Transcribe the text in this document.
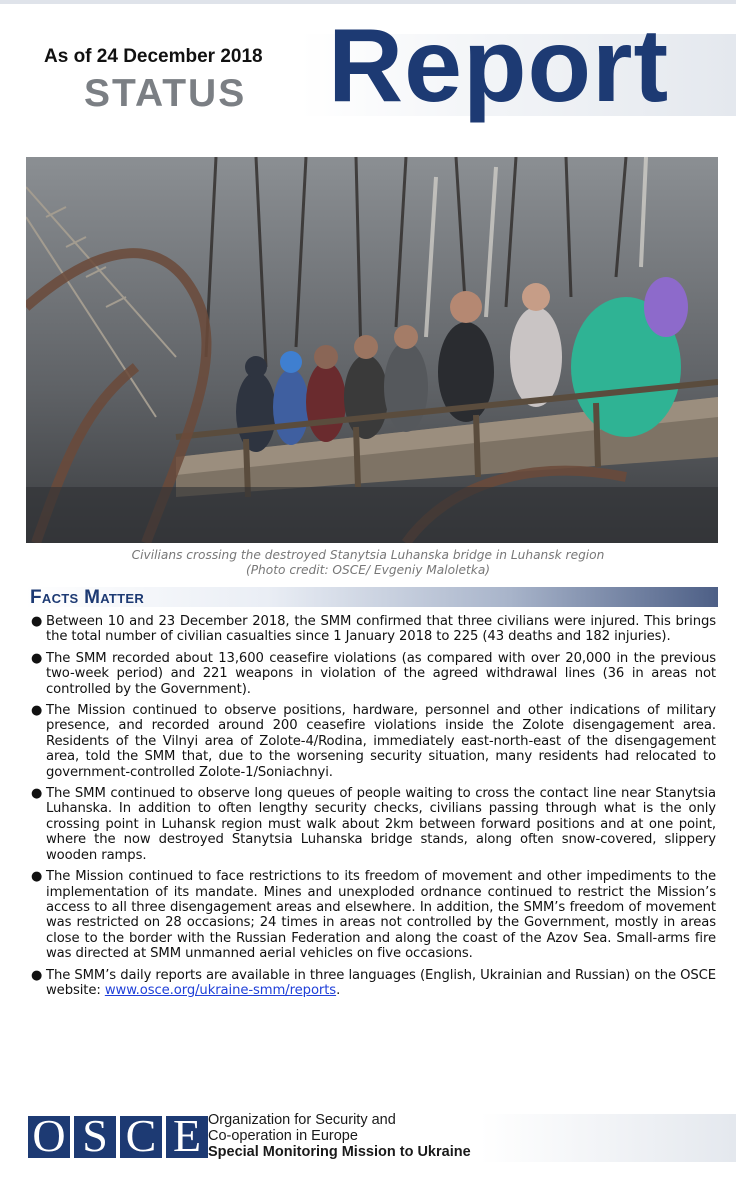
As of 24 December 2018
STATUS Report
Civilians crossing the destroyed Stanytsia Luhanska bridge in Luhansk region
(Photo credit: OSCE/ Evgeniy Maloletka)
Facts Matter
● Between 10 and 23 December 2018, the SMM confirmed that three civilians were injured. This brings the total number of civilian casualties since 1 January 2018 to 225 (43 deaths and 182 injuries).
● The SMM recorded about 13,600 ceasefire violations (as compared with over 20,000 in the previous two-week period) and 221 weapons in violation of the agreed withdrawal lines (36 in areas not controlled by the Government).
● The Mission continued to observe positions, hardware, personnel and other indications of military presence, and recorded around 200 ceasefire violations inside the Zolote disengagement area. Residents of the Vilnyi area of Zolote-4/Rodina, immediately east-north-east of the disengagement area, told the SMM that, due to the worsening security situation, many residents had relocated to government-controlled Zolote-1/Soniachnyi.
● The SMM continued to observe long queues of people waiting to cross the contact line near Stanytsia Luhanska. In addition to often lengthy security checks, civilians passing through what is the only crossing point in Luhansk region must walk about 2km between forward positions and at one point, where the now destroyed Stanytsia Luhanska bridge stands, along often snow-covered, slippery wooden ramps.
● The Mission continued to face restrictions to its freedom of movement and other impediments to the implementation of its mandate. Mines and unexploded ordnance continued to restrict the Mission’s access to all three disengagement areas and elsewhere. In addition, the SMM’s freedom of movement was restricted on 28 occasions; 24 times in areas not controlled by the Government, mostly in areas close to the border with the Russian Federation and along the coast of the Azov Sea. Small-arms fire was directed at SMM unmanned aerial vehicles on five occasions.
● The SMM’s daily reports are available in three languages (English, Ukrainian and Russian) on the OSCE website: www.osce.org/ukraine-smm/reports.
O S C E Organization for Security and
Co-operation in Europe
Special Monitoring Mission to Ukraine
